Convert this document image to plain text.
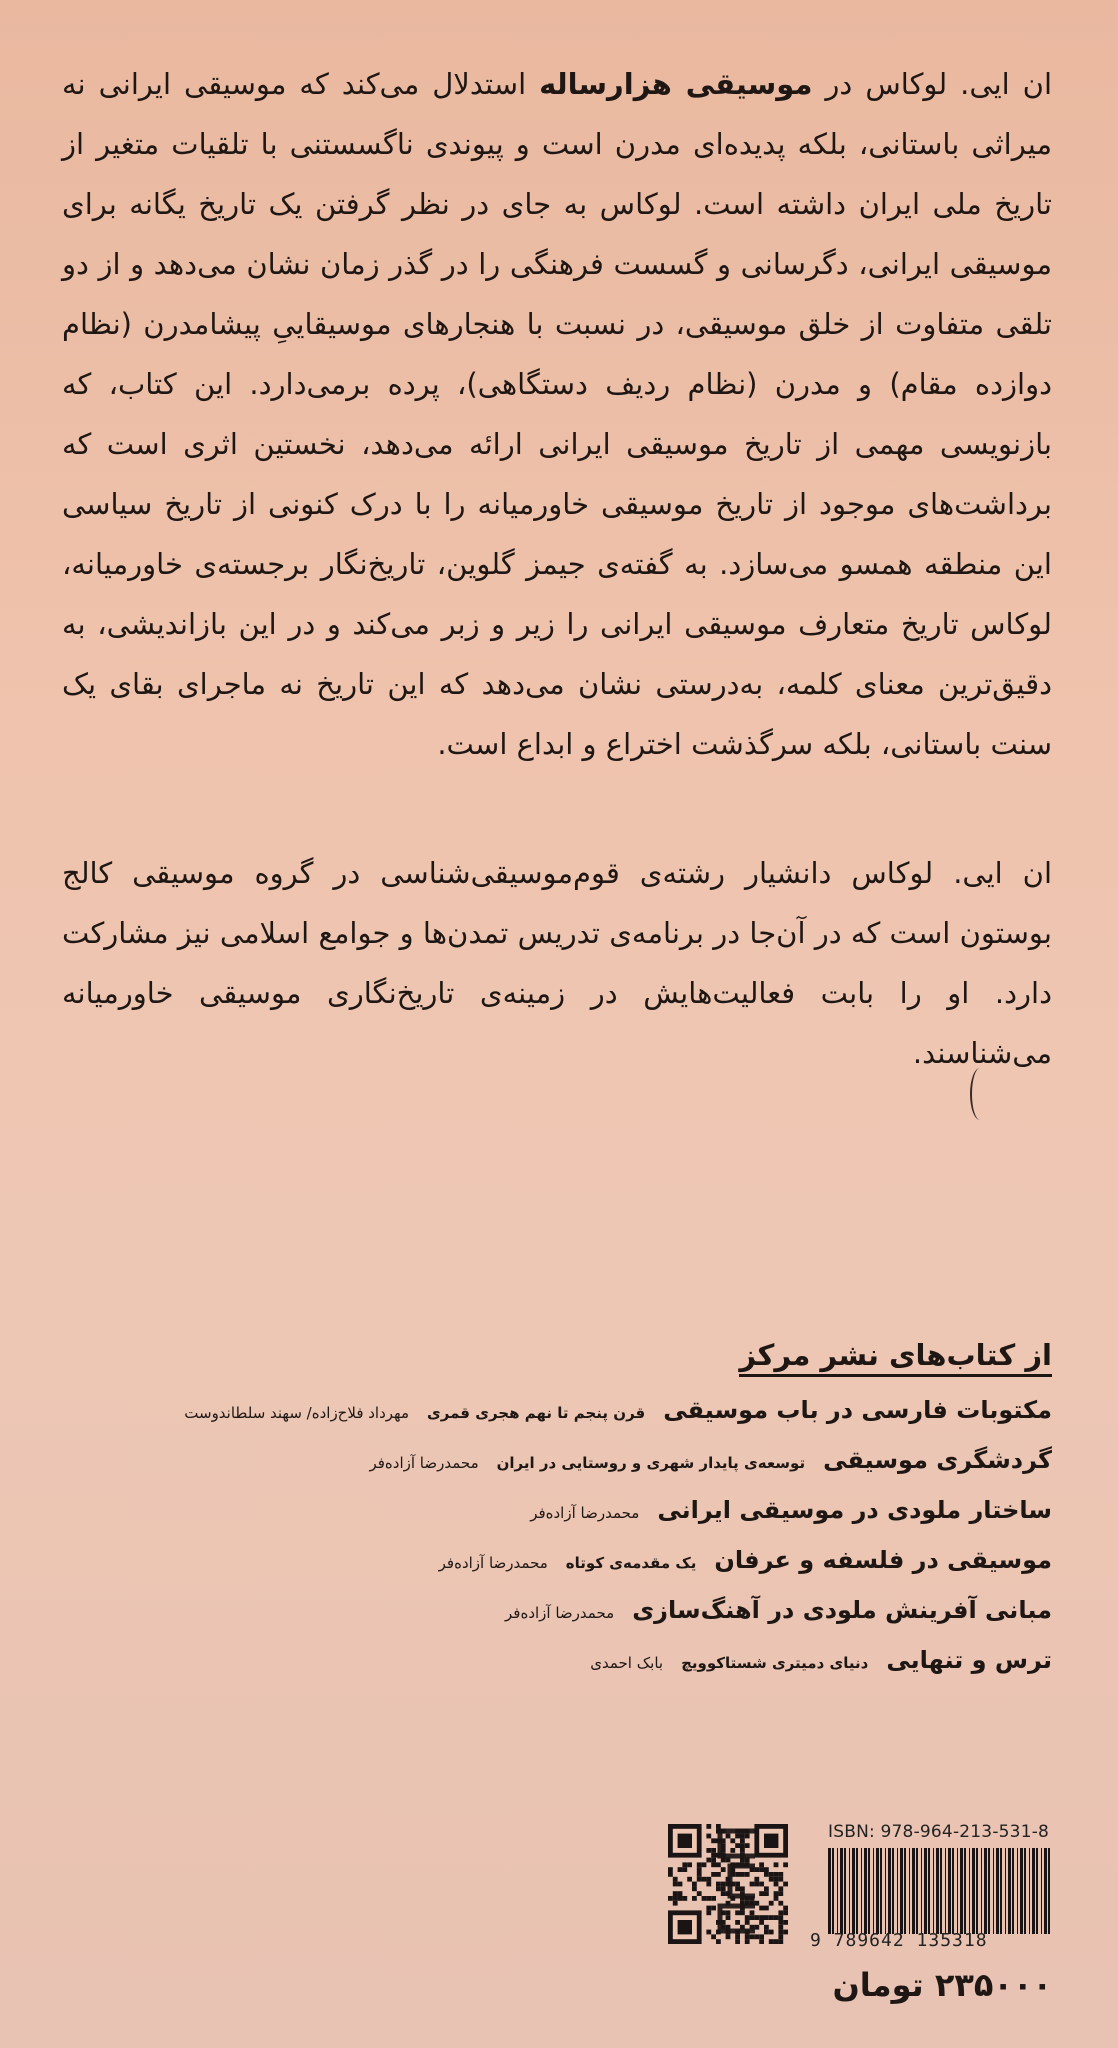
ان ایی. لوکاس در موسیقی هزارساله استدلال می‌کند که موسیقی ایرانی نه میراثی باستانی، بلکه پدیده‌ای مدرن است و پیوندی ناگسستنی با تلقیات متغیر از تاریخ ملی ایران داشته است. لوکاس به جای در نظر گرفتن یک تاریخ یگانه برای موسیقی ایرانی، دگرسانی و گسست فرهنگی را در گذر زمان نشان می‌دهد و از دو تلقی متفاوت از خلق موسیقی، در نسبت با هنجارهای موسیقاییِ پیشامدرن (نظام دوازده مقام) و مدرن (نظام ردیف دستگاهی)، پرده برمی‌دارد. این کتاب، که بازنویسی مهمی از تاریخ موسیقی ایرانی ارائه می‌دهد، نخستین اثری است که برداشت‌های موجود از تاریخ موسیقی خاورمیانه را با درک کنونی از تاریخ سیاسی این منطقه همسو می‌سازد. به گفته‌ی جیمز گلوین، تاریخ‌نگار برجسته‌ی خاورمیانه، لوکاس تاریخ متعارف موسیقی ایرانی را زیر و زبر می‌کند و در این بازاندیشی، به دقیق‌ترین معنای کلمه، به‌درستی نشان می‌دهد که این تاریخ نه ماجرای بقای یک سنت باستانی، بلکه سرگذشت اختراع و ابداع است.

ان ایی. لوکاس دانشیار رشته‌ی قوم‌موسیقی‌شناسی در گروه موسیقی کالج بوستون است که در آن‌جا در برنامه‌ی تدریس تمدن‌ها و جوامع اسلامی نیز مشارکت دارد. او را بابت فعالیت‌هایش در زمینه‌ی تاریخ‌نگاری موسیقی خاورمیانه می‌شناسند.

از کتاب‌های نشر مرکز
مکتوبات فارسی در باب موسیقی
قرن پنجم تا نهم هجری قمری
مهرداد فلاح‌زاده/ سهند سلطاندوست
گردشگری موسیقی
توسعه‌ی پایدار شهری و روستایی در ایران
محمدرضا آزاده‌فر
ساختار ملودی در موسیقی ایرانی
محمدرضا آزاده‌فر
موسیقی در فلسفه و عرفان
یک مقدمه‌ی کوتاه
محمدرضا آزاده‌فر
مبانی آفرینش ملودی در آهنگ‌سازی
محمدرضا آزاده‌فر
ترس و تنهایی
دنیای دمیتری شستاکوویچ
بابک احمدی
ISBN: 978-964-213-531-8
9 789642 135318
۲۳۵۰۰۰ تومان
